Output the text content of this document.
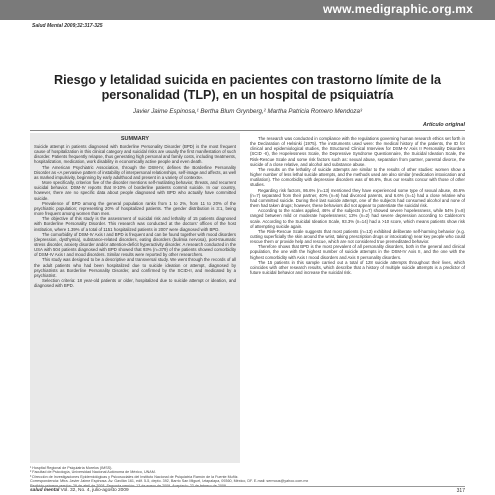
www.medigraphic.org.mx
Salud Mental 2009;32:317-325
Riesgo y letalidad suicida en pacientes con trastorno límite de la personalidad (TLP), en un hospital de psiquiatría
Javier Jaime Espinosa,¹ Bertha Blum Grynberg,² Martha Patricia Romero Mendoza³
Artículo original
SUMMARY

Suicide attempt in patients diagnosed with Borderline Personality Disorder (BPD) is the most frequent cause of hospitalization in this clinical category and suicidal risks are usually the first manifestation of such disorder. Patients frequently relapse, thus generating high personal and family costs, including treatments, hospitalization, medication, work disability in economically active people and even death.

The American Psychiatric Association, through the DSM-IV, defines the Borderline Personality Disorder as «A pervasive pattern of instability of interpersonal relationships, self-image and affects, as well as marked impulsivity, beginning by early adulthood and present in a variety of contexts».

More specifically, criterion five of the disorder mentions self-mutilating behavior, threats, and recurrent suicidal behavior. DSM-IV reports that 8-10% of borderline patients commit suicide. In our country, however, there are no specific data about people diagnosed with BPD who actually have committed suicide.

Prevalence of BPD among the general population ranks from 1 to 2%, from 11 to 20% of the psychiatric population; representing 20% of hospitalized patients. The gender distribution is 3:1, being more frequent among women than men.

The objective of this study is the assessment of suicidal risk and lethality of 15 patients diagnosed with Borderline Personality Disorder. This research was conducted at the doctors' offices of the host institution, where 1.39% of a total of 1151 hospitalized patients in 2007 were diagnosed with BPD.

The comorbidity of DSM-IV Axis I and BPD is frequent and can be found together with mood disorders (depression, dysthymia), substance-related disorders, eating disorders (bulimia nervosa), post-traumatic stress disorder, anxiety disorder and/or attention-deficit hyperactivity disorder. A research conducted in the USA with 504 patients diagnosed with BPD showed that 93% (n=379) of the patients showed comorbidity of DSM-IV Axis I and mood disorders. Similar results were reported by other researchers.

This study was designed to be a descriptive and transversal study. We went through the records of all the adult patients who had been hospitalized due to suicide ideation or attempt, diagnosed by psychiatrists as Borderline Personality Disorder, and confirmed by the SCID-II, and medicated by a psychiatrist.

Selection criteria: 18 year-old patients or older, hospitalized due to suicide attempt or ideation, and diagnosed with BPD.

The research was conducted in compliance with the regulations governing human research ethics set forth in the Declaration of Helsinki (1975). The instruments used were: the medical history of the patients, the ID for clinical and epidemiological studies, the Structured Clinical Interview for DSM-IV Axis II Personality Disorders (SCID -II), the Hopelessness Scale, the Depressive Syndrome Questionnaire, the Suicidal Ideation Scale, the Risk-Rescue Scale and some risk factors such as: sexual abuse, separation from partner, parental divorce, the suicide of a close relative, and alcohol and substance abuse.

The results on the lethality of suicide attempts are similar to the results of other studies: women show a higher number of less lethal suicide attempts, and the methods used are also similar (medication intoxication and mutilation). The comorbidity with depressive disorders was of 66.6%, thus our results concur with those of other studies.

Regarding risk factors, 86.6% (n=13) mentioned they have experienced some type of sexual abuse, 46.6% (n=7) separated from their partner, 40% (n=6) had divorced parents, and 6.6% (n=1) had a close relative who had committed suicide. During their last suicide attempt, one of the subjects had consumed alcohol and none of them had taken drugs; however, these behaviors did not appear to potentiate the suicidal risk.

According to the scales applied, 46% of the subjects (n=7) showed severe hopelessness, while 54% (n=8) ranged between mild or moderate hopelessness; 13% (n=2) had severe depression according to Calderon's scale. According to the Suicidal Ideation Scale, 93.3% (n=14) had a >10 score, which means patients show risk of attempting suicide again.

The Risk-Rescue Scale suggests that most patients (n=13) exhibited deliberate self-harming behavior (e.g. cutting superficially the skin around the wrist, taking prescription drugs or intoxicating) near key people who could rescue them or provide help and rescue, which are not considered true premeditated behavior.

Therefore shows that BPD is the most prevalent of all personality disorders, both in the general and clinical population, the one with the highest number of suicide attempts in the DSM-IV Axis II, and the one with the highest comorbidity with Axis I mood disorders and Axis II personality disorders.

The 15 patients in this sample carried out a total of 128 suicide attempts throughout their lives, which coincides with other research results, which describe that a history of multiple suicide attempts is a predictor of future suicidal behavior and increase the suicidal risk.

¹ Hospital Regional de Psiquiatría Morelos (IMSS).
² Facultad de Psicología, Universidad Nacional Autónoma de México, UNAM.
³ Dirección de Investigaciones Epidemiológicas y Psicosociales del Instituto Nacional de Psiquiatría Ramón de la Fuente Muñiz.
Correspondencia: Mtra. Javier Jaime Espinosa. Av. Gavilán 161, edif. 5-5, depto. 392, Barrio San Miguel, Iztapalapa, 09360, México, DF. E-mail: sermous@yahoo.com.mx
Recibido primera versión: 29 de abril de 2008. Segunda versión: 13 de enero de 2009. Aceptado: 23 de febrero de 2009.
salud mental Vol. 32, No. 4, julio-agosto 2009	317
